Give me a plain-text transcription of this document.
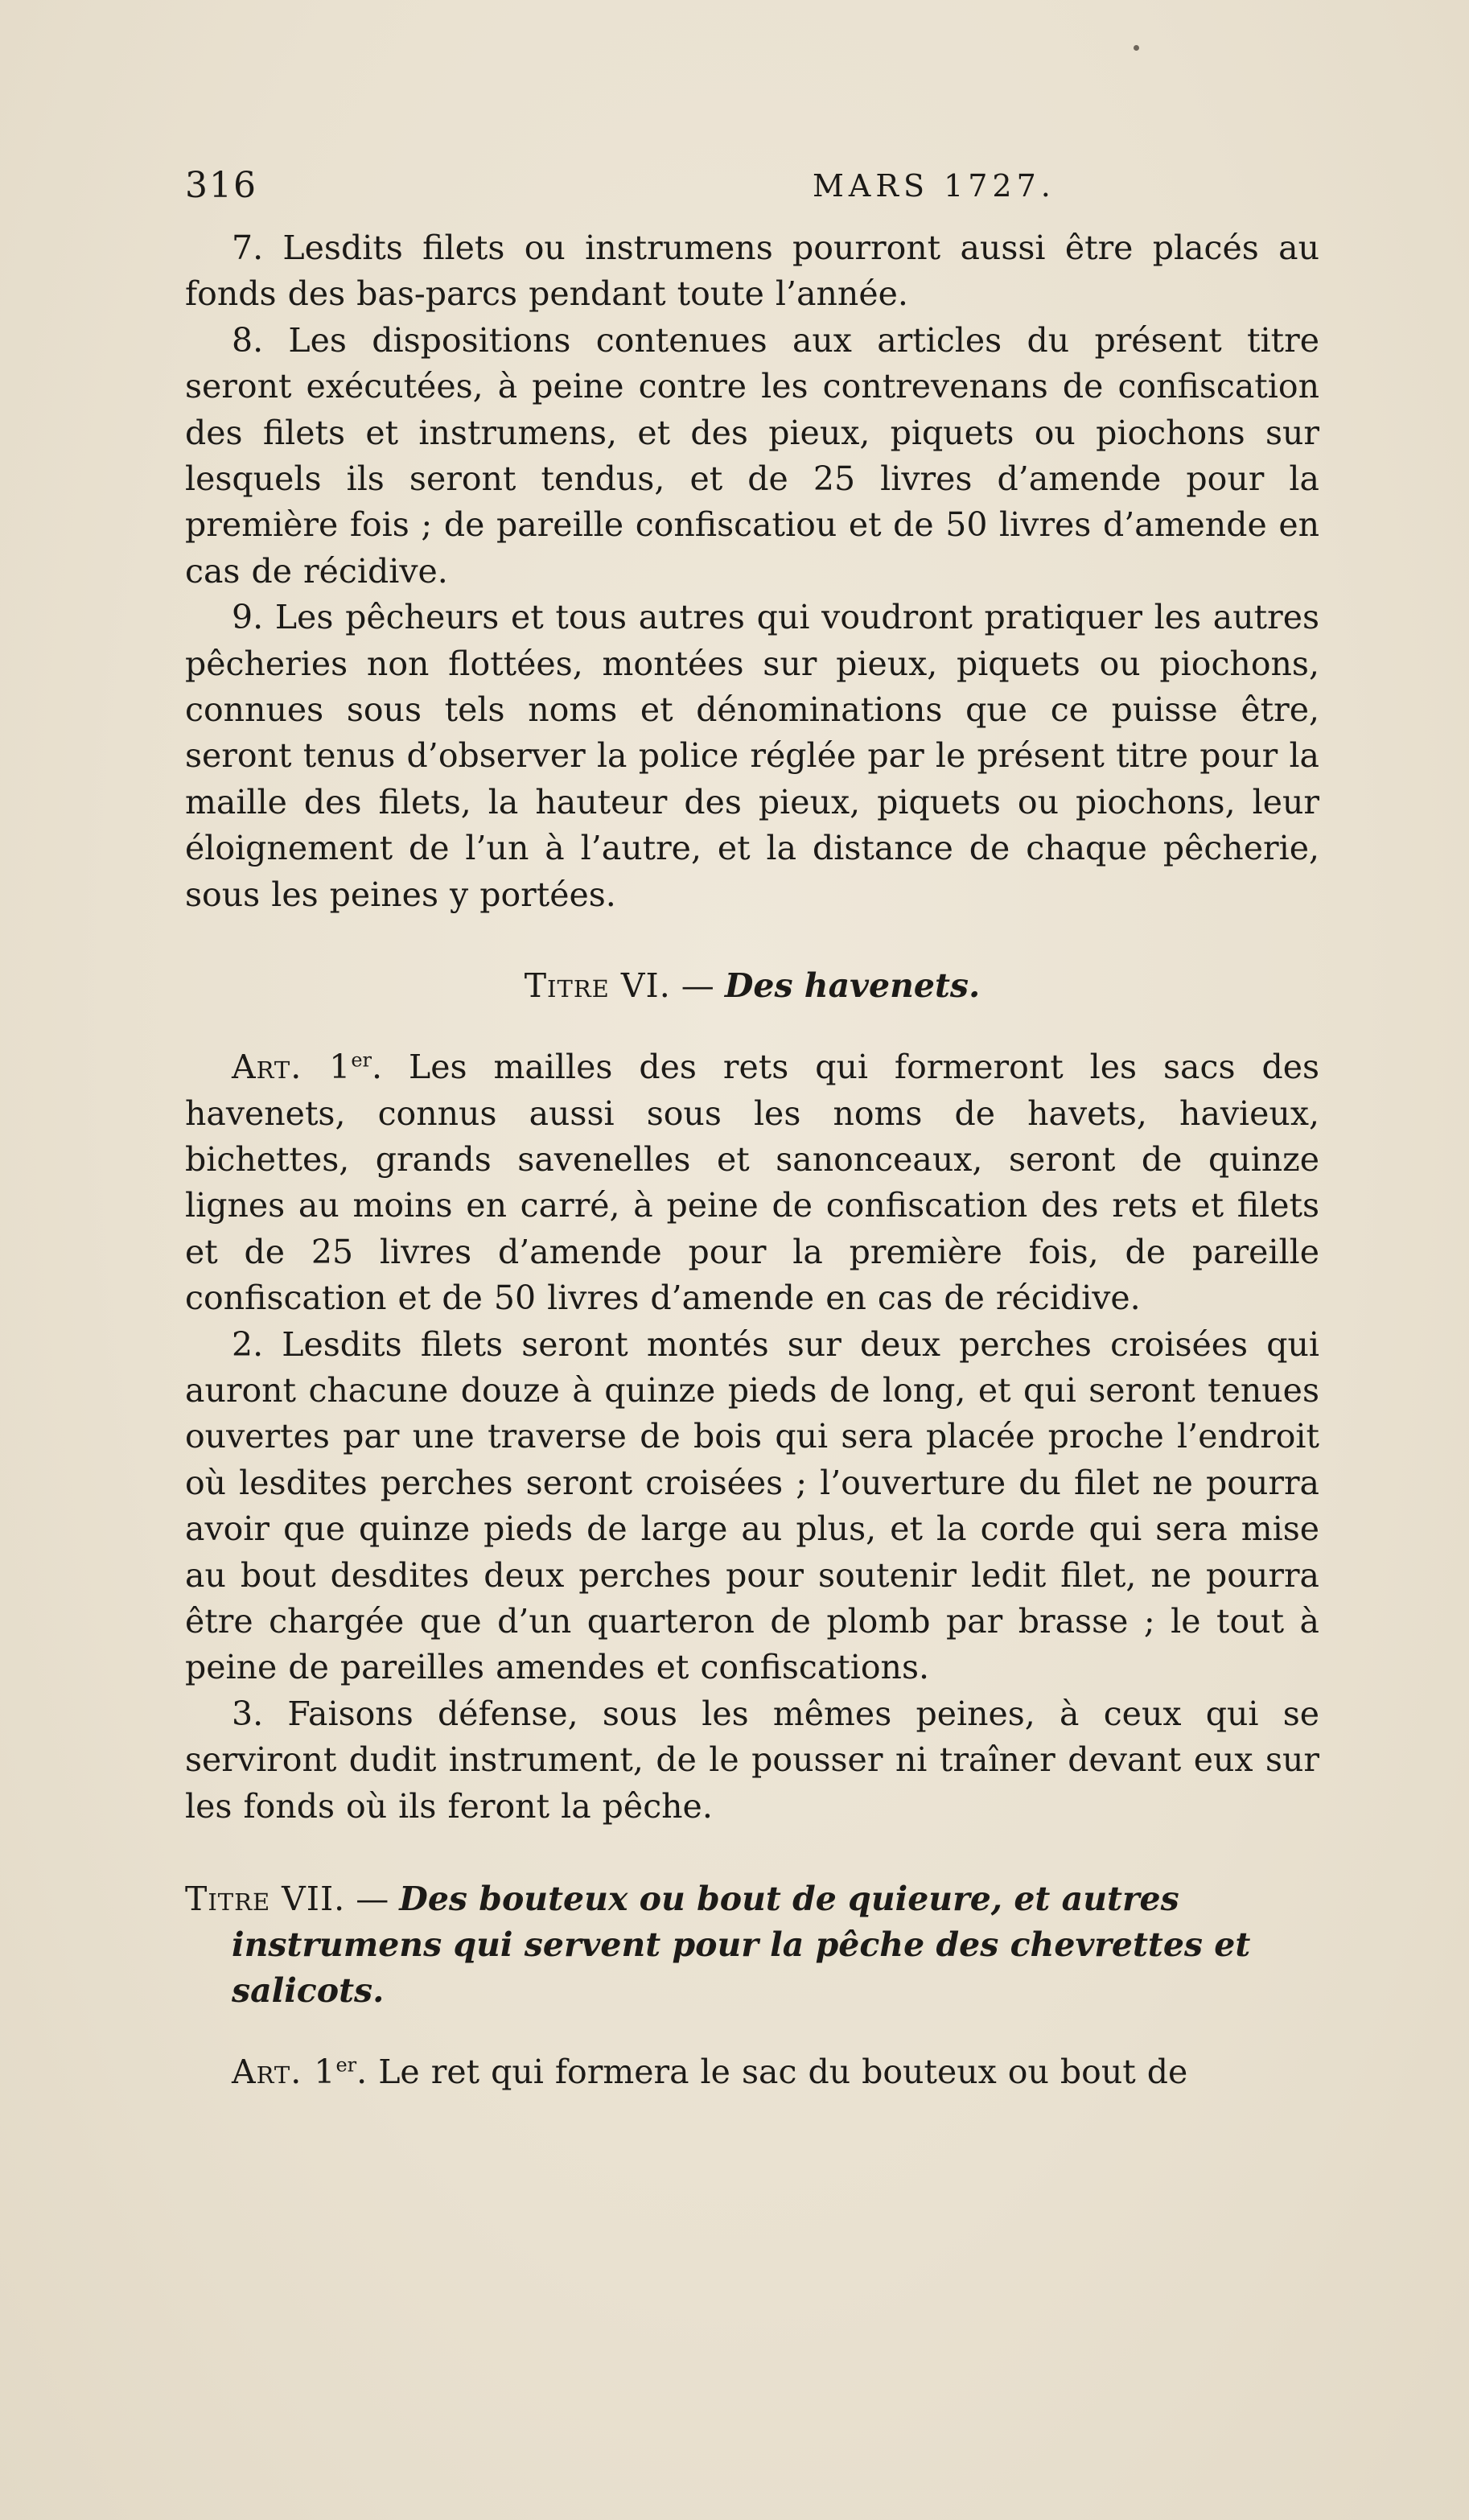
316	MARS 1727.

7. Lesdits filets ou instrumens pourront aussi être placés au fonds des bas-parcs pendant toute l’année.

8. Les dispositions contenues aux articles du présent titre seront exécutées, à peine contre les contrevenans de confiscation des filets et instrumens, et des pieux, piquets ou piochons sur lesquels ils seront tendus, et de 25 livres d’amende pour la première fois ; de pareille confiscatiou et de 50 livres d’amende en cas de récidive.

9. Les pêcheurs et tous autres qui voudront pratiquer les autres pêcheries non flottées, montées sur pieux, piquets ou piochons, connues sous tels noms et dénominations que ce puisse être, seront tenus d’observer la police réglée par le présent titre pour la maille des filets, la hauteur des pieux, piquets ou piochons, leur éloignement de l’un à l’autre, et la distance de chaque pêcherie, sous les peines y portées.

Titre VI. — Des havenets.

Art. 1er. Les mailles des rets qui formeront les sacs des havenets, connus aussi sous les noms de havets, havieux, bichettes, grands savenelles et sanonceaux, seront de quinze lignes au moins en carré, à peine de confiscation des rets et filets et de 25 livres d’amende pour la première fois, de pareille confiscation et de 50 livres d’amende en cas de récidive.

2. Lesdits filets seront montés sur deux perches croisées qui auront chacune douze à quinze pieds de long, et qui seront tenues ouvertes par une traverse de bois qui sera placée proche l’endroit où lesdites perches seront croisées ; l’ouverture du filet ne pourra avoir que quinze pieds de large au plus, et la corde qui sera mise au bout desdites deux perches pour soutenir ledit filet, ne pourra être chargée que d’un quarteron de plomb par brasse ; le tout à peine de pareilles amendes et confiscations.

3. Faisons défense, sous les mêmes peines, à ceux qui se serviront dudit instrument, de le pousser ni traîner devant eux sur les fonds où ils feront la pêche.

Titre VII. — Des bouteux ou bout de quieure, et autres
instrumens qui servent pour la pêche des chevrettes et salicots.

Art. 1er. Le ret qui formera le sac du bouteux ou bout de
